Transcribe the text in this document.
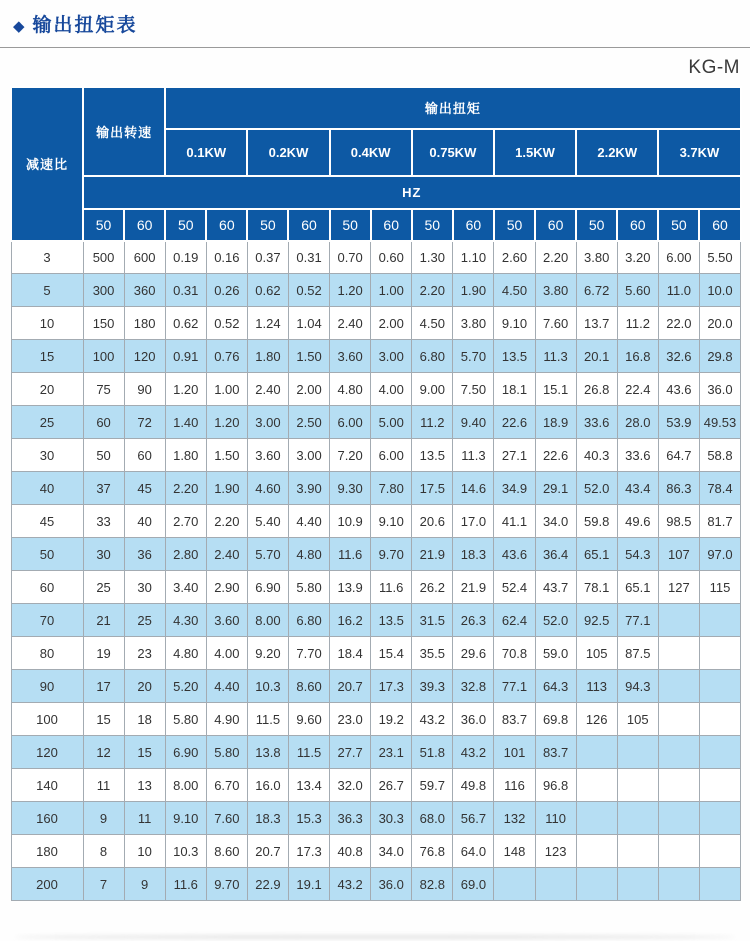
◆ 输出扭矩表
KG-M
减速比	输出转速		输出扭矩													
			0.1KW		0.2KW		0.4KW		0.75KW		1.5KW		2.2KW		3.7KW	
	HZ															
	50	60	50	60	50	60	50	60	50	60	50	60	50	60	50	60
3	500	600	0.19	0.16	0.37	0.31	0.70	0.60	1.30	1.10	2.60	2.20	3.80	3.20	6.00	5.50
5	300	360	0.31	0.26	0.62	0.52	1.20	1.00	2.20	1.90	4.50	3.80	6.72	5.60	11.0	10.0
10	150	180	0.62	0.52	1.24	1.04	2.40	2.00	4.50	3.80	9.10	7.60	13.7	11.2	22.0	20.0
15	100	120	0.91	0.76	1.80	1.50	3.60	3.00	6.80	5.70	13.5	11.3	20.1	16.8	32.6	29.8
20	75	90	1.20	1.00	2.40	2.00	4.80	4.00	9.00	7.50	18.1	15.1	26.8	22.4	43.6	36.0
25	60	72	1.40	1.20	3.00	2.50	6.00	5.00	11.2	9.40	22.6	18.9	33.6	28.0	53.9	49.53
30	50	60	1.80	1.50	3.60	3.00	7.20	6.00	13.5	11.3	27.1	22.6	40.3	33.6	64.7	58.8
40	37	45	2.20	1.90	4.60	3.90	9.30	7.80	17.5	14.6	34.9	29.1	52.0	43.4	86.3	78.4
45	33	40	2.70	2.20	5.40	4.40	10.9	9.10	20.6	17.0	41.1	34.0	59.8	49.6	98.5	81.7
50	30	36	2.80	2.40	5.70	4.80	11.6	9.70	21.9	18.3	43.6	36.4	65.1	54.3	107	97.0
60	25	30	3.40	2.90	6.90	5.80	13.9	11.6	26.2	21.9	52.4	43.7	78.1	65.1	127	115
70	21	25	4.30	3.60	8.00	6.80	16.2	13.5	31.5	26.3	62.4	52.0	92.5	77.1		
80	19	23	4.80	4.00	9.20	7.70	18.4	15.4	35.5	29.6	70.8	59.0	105	87.5		
90	17	20	5.20	4.40	10.3	8.60	20.7	17.3	39.3	32.8	77.1	64.3	113	94.3		
100	15	18	5.80	4.90	11.5	9.60	23.0	19.2	43.2	36.0	83.7	69.8	126	105		
120	12	15	6.90	5.80	13.8	11.5	27.7	23.1	51.8	43.2	101	83.7				
140	11	13	8.00	6.70	16.0	13.4	32.0	26.7	59.7	49.8	116	96.8				
160	9	11	9.10	7.60	18.3	15.3	36.3	30.3	68.0	56.7	132	110				
180	8	10	10.3	8.60	20.7	17.3	40.8	34.0	76.8	64.0	148	123				
200	7	9	11.6	9.70	22.9	19.1	43.2	36.0	82.8	69.0						
